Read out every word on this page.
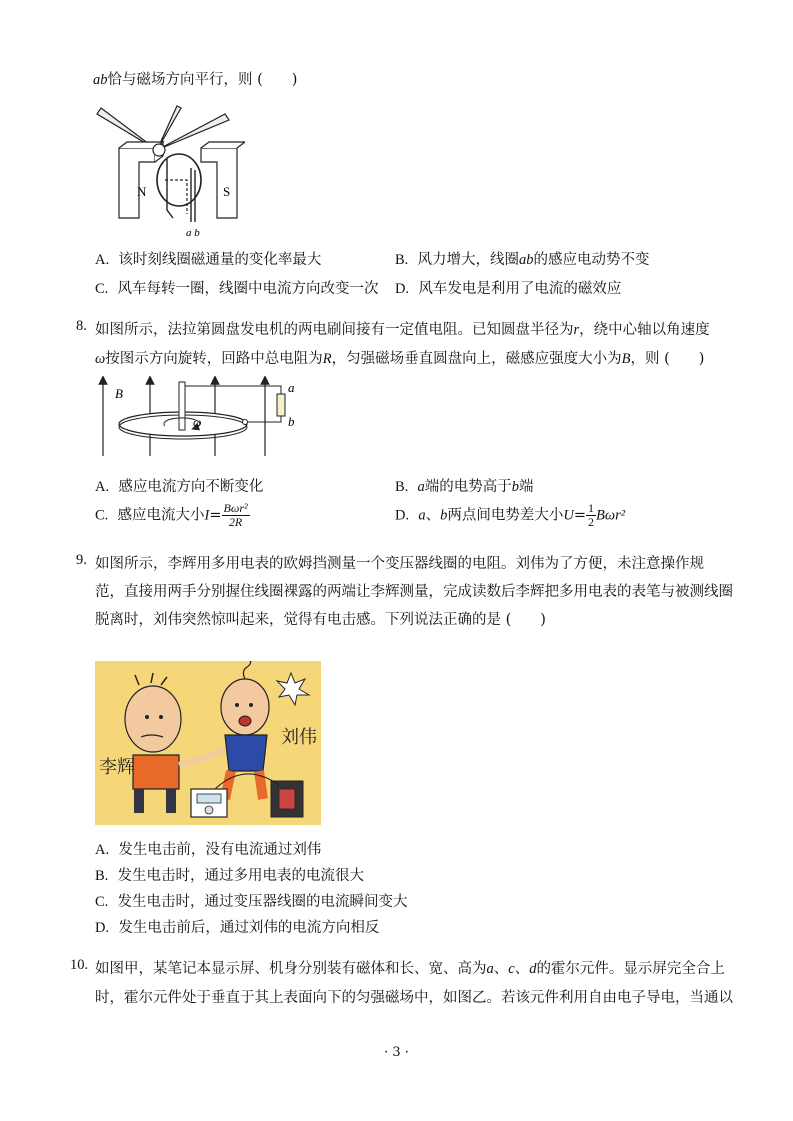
ab恰与磁场方向平行，则 (　　)
N	S
a b
A. 该时刻线圈磁通量的变化率最大	B. 风力增大，线圈ab的感应电动势不变
C. 风车每转一圈，线圈中电流方向改变一次 D. 风车发电是利用了电流的磁效应
8. 如图所示，法拉第圆盘发电机的两电刷间接有一定值电阻。已知圆盘半径为r，绕中心轴以角速度
ω按图示方向旋转，回路中总电阻为R，匀强磁场垂直圆盘向上，磁感应强度大小为B，则 (　　)
B	a
b
ω
A. 感应电流方向不断变化	B. a端的电势高于b端
C. 感应电流大小$I= \frac{\text{Bωr²}}{2R}$	D. a、b两点间电势差大小$U= \frac{1}{2} B\omega r^2$
9. 如图所示，李辉用多用电表的欧姆挡测量一个变压器线圈的电阻。刘伟为了方便，未注意操作规
范，直接用两手分别握住线圈裸露的两端让李辉测量，完成读数后李辉把多用电表的表笔与被测线圈
脱离时，刘伟突然惊叫起来，觉得有电击感。下列说法正确的是 (　　)
李辉
刘伟
A. 发生电击前，没有电流通过刘伟
B. 发生电击时，通过多用电表的电流很大
C. 发生电击时，通过变压器线圈的电流瞬间变大
D. 发生电击前后，通过刘伟的电流方向相反
10. 如图甲，某笔记本显示屏、机身分别装有磁体和长、宽、高为a、c、d的霍尔元件。显示屏完全合上
时，霍尔元件处于垂直于其上表面向下的匀强磁场中，如图乙。若该元件利用自由电子导电，当通以
· 3 ·
